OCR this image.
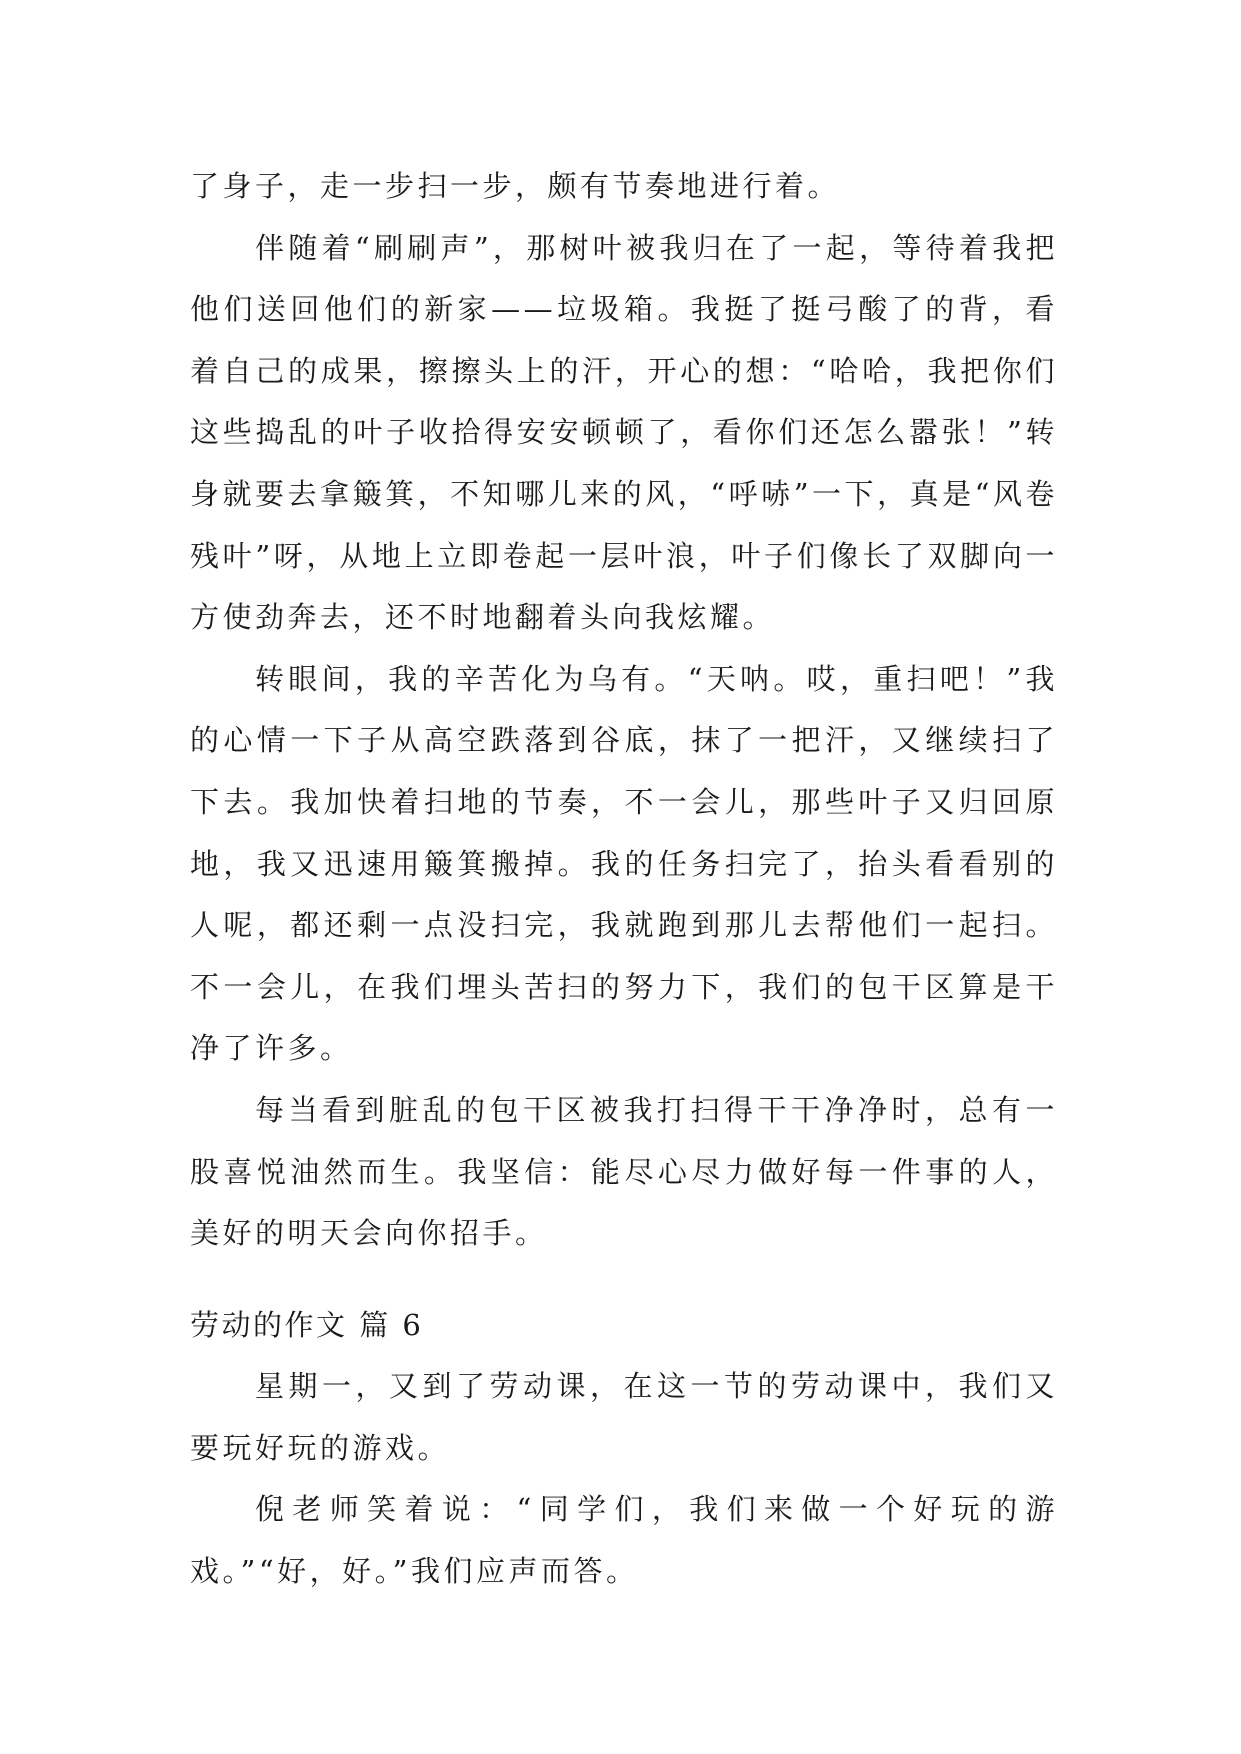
了身子，走一步扫一步，颇有节奏地进行着。

伴随着“刷刷声”，那树叶被我归在了一起，等待着我把他们送回他们的新家——垃圾箱。我挺了挺弓酸了的背，看着自己的成果，擦擦头上的汗，开心的想：“哈哈，我把你们这些捣乱的叶子收拾得安安顿顿了，看你们还怎么嚣张！”转身就要去拿簸箕，不知哪儿来的风，“呼哧”一下，真是“风卷残叶”呀，从地上立即卷起一层叶浪，叶子们像长了双脚向一方使劲奔去，还不时地翻着头向我炫耀。

转眼间，我的辛苦化为乌有。“天呐。哎，重扫吧！”我的心情一下子从高空跌落到谷底，抹了一把汗，又继续扫了下去。我加快着扫地的节奏，不一会儿，那些叶子又归回原地，我又迅速用簸箕搬掉。我的任务扫完了，抬头看看别的人呢，都还剩一点没扫完，我就跑到那儿去帮他们一起扫。不一会儿，在我们埋头苦扫的努力下，我们的包干区算是干净了许多。

每当看到脏乱的包干区被我打扫得干干净净时，总有一股喜悦油然而生。我坚信：能尽心尽力做好每一件事的人，美好的明天会向你招手。

劳动的作文 篇 6

星期一，又到了劳动课，在这一节的劳动课中，我们又要玩好玩的游戏。

倪老师笑着说：“同学们，我们来做一个好玩的游戏。”“好，好。”我们应声而答。
